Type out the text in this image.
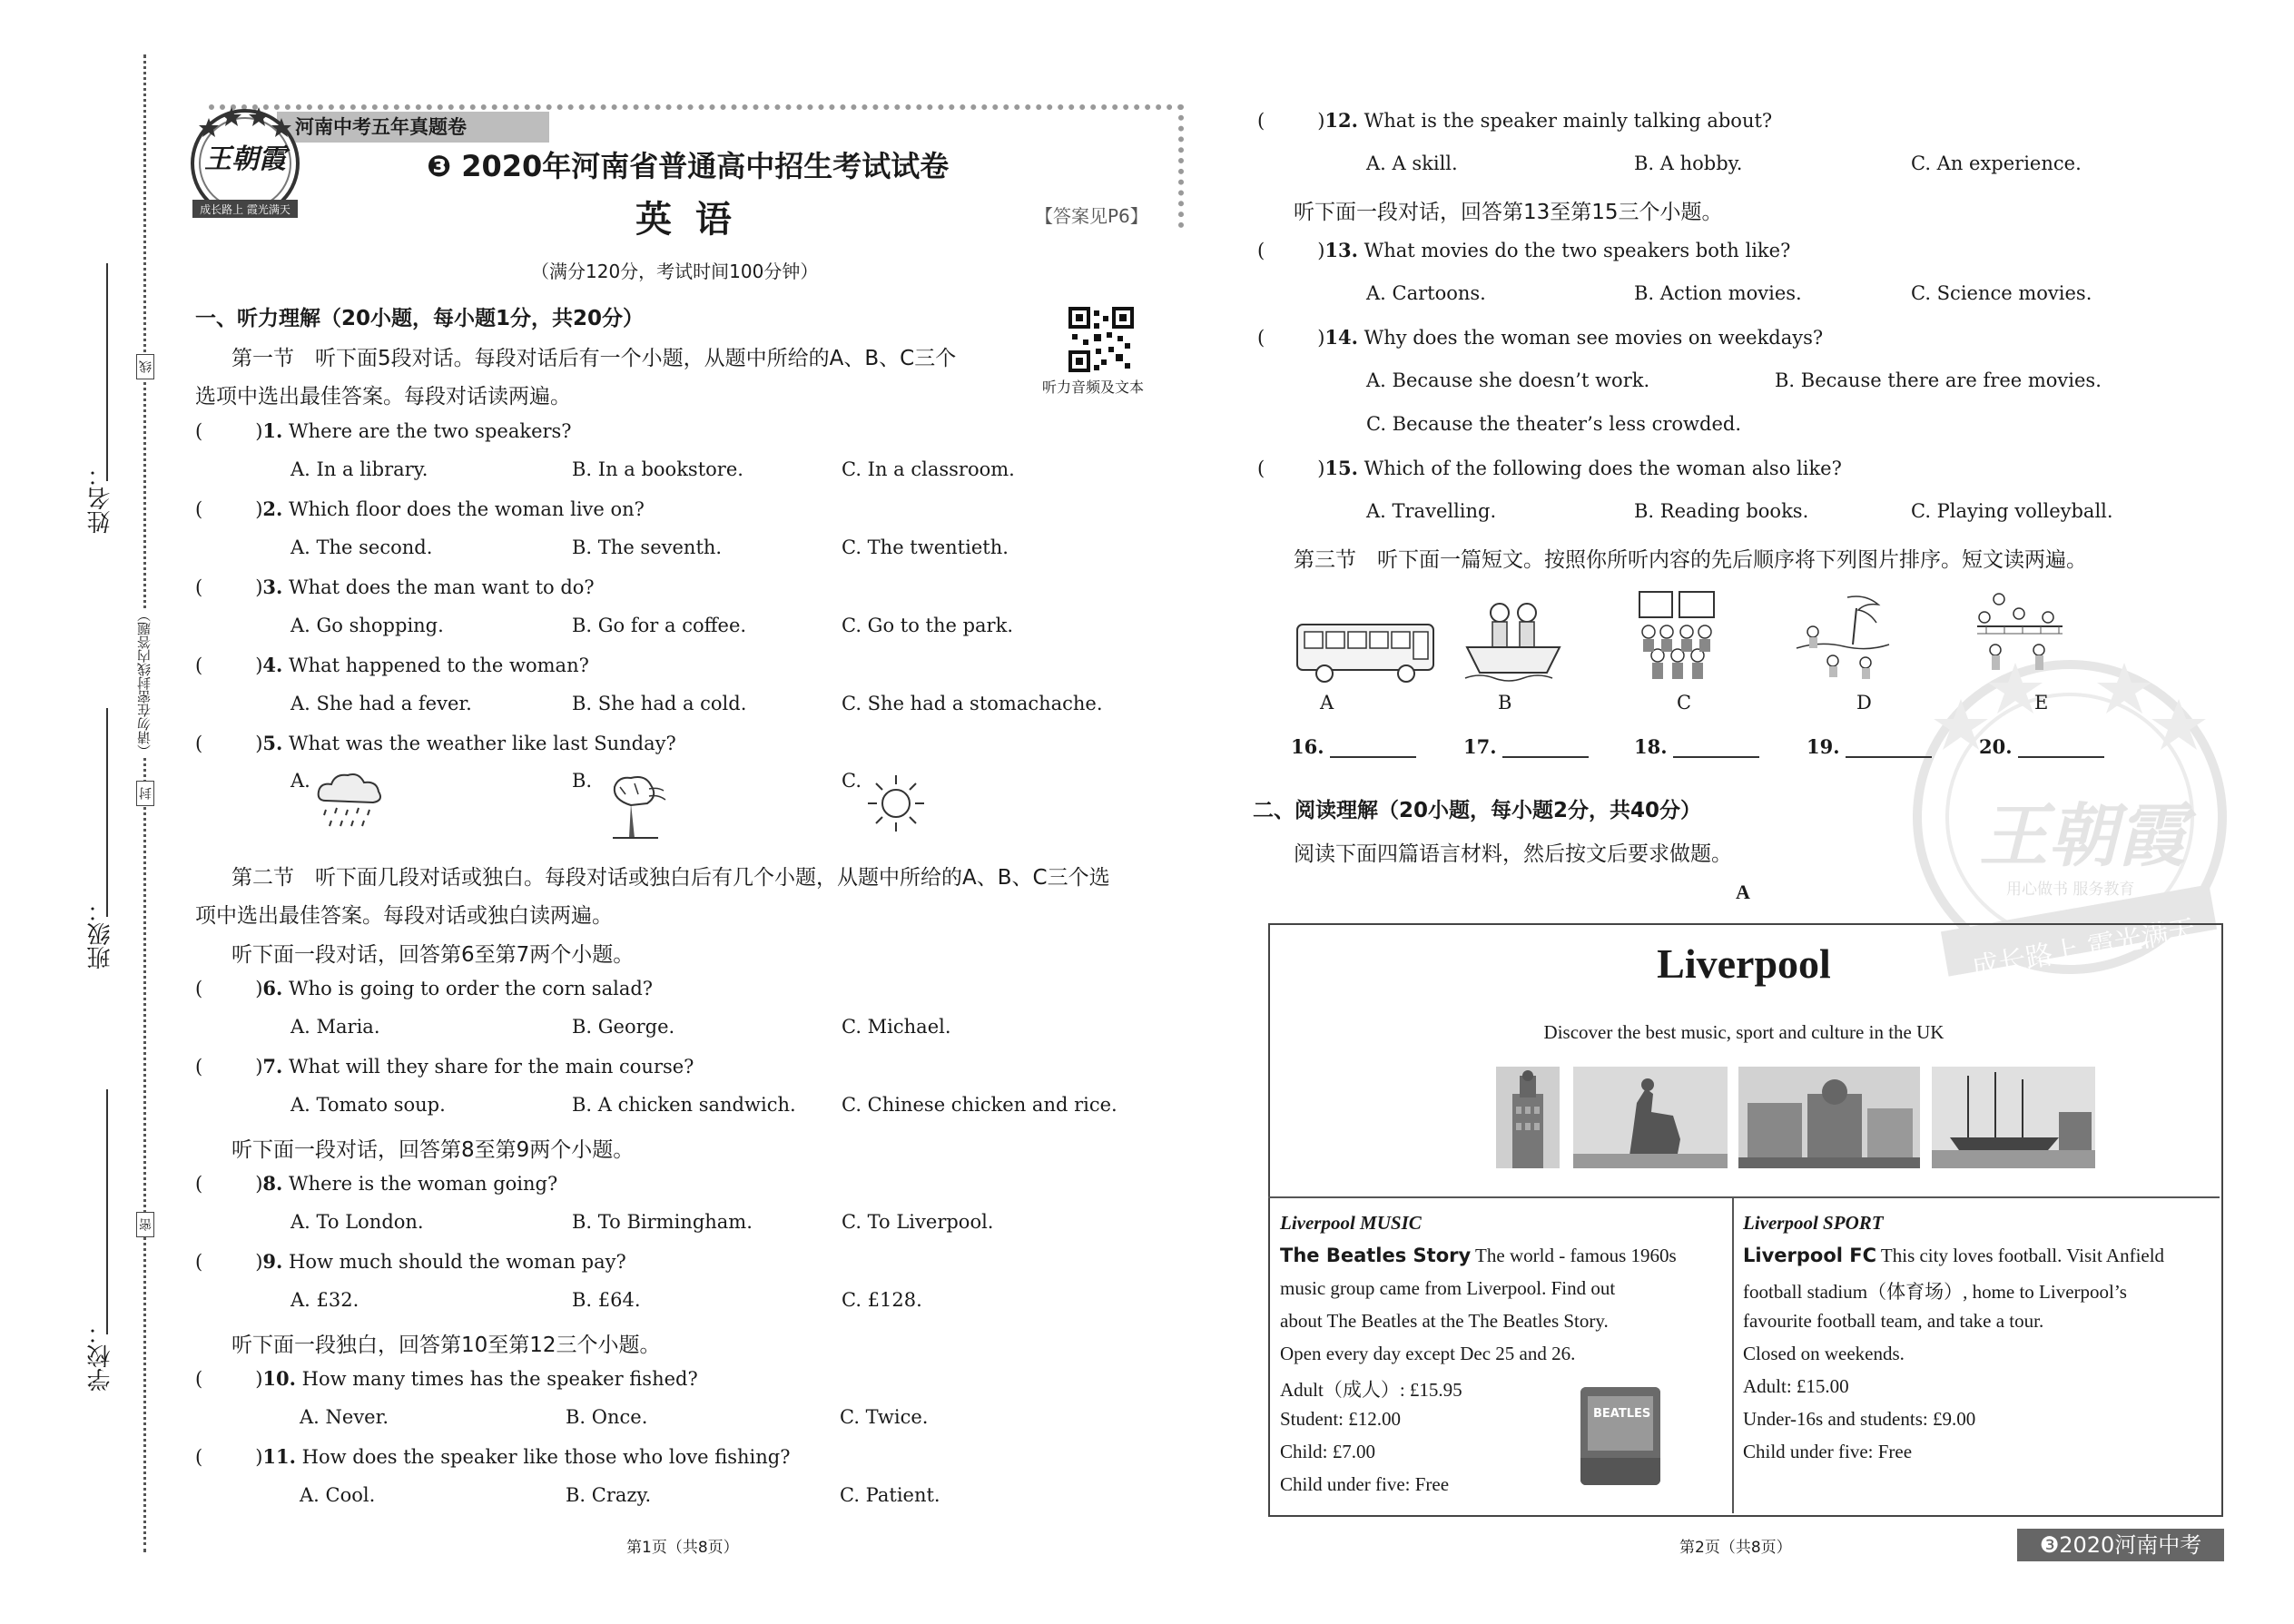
姓名：
班级：
学校：
线
（请勿在密封线内答题）
封
密
河南中考五年真题卷
王朝霞
成长路上 霞光满天
❸ 2020年河南省普通高中招生考试试卷
英 语	【答案见P6】
（满分120分，考试时间100分钟）
听力音频及文本
一、听力理解（20小题，每小题1分，共20分）
第一节　听下面5段对话。每段对话后有一个小题，从题中所给的A、B、C三个
选项中选出最佳答案。每段对话读两遍。
(	)1. Where are the two speakers?
A. In a library.	B. In a bookstore.	C. In a classroom.
(	)2. Which floor does the woman live on?
A. The second.	B. The seventh.	C. The twentieth.
(	)3. What does the man want to do?
A. Go shopping.	B. Go for a coffee.	C. Go to the park.
(	)4. What happened to the woman?
A. She had a fever.	B. She had a cold.	C. She had a stomachache.
(	)5. What was the weather like last Sunday?
A.	B.	C.
第二节　听下面几段对话或独白。每段对话或独白后有几个小题，从题中所给的A、B、C三个选
项中选出最佳答案。每段对话或独白读两遍。
听下面一段对话，回答第6至第7两个小题。
(	)6. Who is going to order the corn salad?
A. Maria.	B. George.	C. Michael.
(	)7. What will they share for the main course?
A. Tomato soup.	B. A chicken sandwich. C. Chinese chicken and rice.
听下面一段对话，回答第8至第9两个小题。
(	)8. Where is the woman going?
A. To London.	B. To Birmingham.	C. To Liverpool.
(	)9. How much should the woman pay?
A. £32.	B. £64.	C. £128.
听下面一段独白，回答第10至第12三个小题。
(	)10. How many times has the speaker fished?
A. Never.	B. Once.	C. Twice.
(	)11. How does the speaker like those who love fishing?
A. Cool.	B. Crazy.	C. Patient.
第1页（共8页）
王朝霞
用心做书 服务教育
成长路上 霞光满天
(	)12. What is the speaker mainly talking about?
A. A skill.	B. A hobby.	C. An experience.
听下面一段对话，回答第13至第15三个小题。
(	)13. What movies do the two speakers both like?
A. Cartoons.	B. Action movies.	C. Science movies.
(	)14. Why does the woman see movies on weekdays?
A. Because she doesn’t work.	B. Because there are free movies.
C. Because the theater’s less crowded.
(	)15. Which of the following does the woman also like?
A. Travelling.	B. Reading books.	C. Playing volleyball.
第三节　听下面一篇短文。按照你所听内容的先后顺序将下列图片排序。短文读两遍。
A	B	C	D	E
16.	17.	18.	19.	20.
二、阅读理解（20小题，每小题2分，共40分）
阅读下面四篇语言材料，然后按文后要求做题。
A
Liverpool
Discover the best music, sport and culture in the UK
Liverpool MUSIC
The Beatles Story The world - famous 1960s
music group came from Liverpool. Find out
about The Beatles at the The Beatles Story.
Open every day except Dec 25 and 26.
Adult（成人）: £15.95
Student: £12.00
Child: £7.00
Child under five: Free
BEATLES
Liverpool SPORT
Liverpool FC This city loves football. Visit Anfield
football stadium（体育场）, home to Liverpool’s
favourite football team, and take a tour.
Closed on weekends.
Adult: £15.00
Under-16s and students: £9.00
Child under five: Free
第2页（共8页）	❸2020河南中考
